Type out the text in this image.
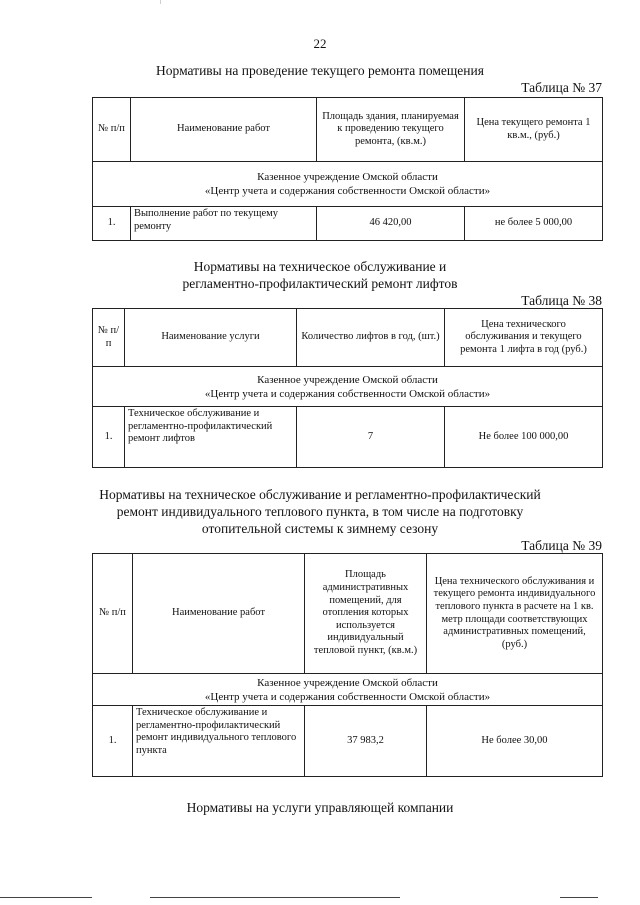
22
Нормативы на проведение текущего ремонта помещения
Таблица № 37
№ п/п	Наименование работ	Площадь здания, планируемая к проведению текущего ремонта, (кв.м.)	Цена текущего ремонта 1 кв.м., (руб.)

Казенное учреждение Омской области
«Центр учета и содержания собственности Омской области»			

1.	Выполнение работ по текущему ремонту	46 420,00	не более 5 000,00
Нормативы на техническое обслуживание и
регламентно-профилактический ремонт лифтов
Таблица № 38
№ п/п	Наименование услуги	Количество лифтов в год, (шт.)	Цена технического обслуживания и текущего ремонта 1 лифта в год (руб.)

Казенное учреждение Омской области
«Центр учета и содержания собственности Омской области»			

1.	Техническое обслуживание и регламентно-профилактический ремонт лифтов	7	Не более 100 000,00
Нормативы на техническое обслуживание и регламентно-профилактический
ремонт индивидуального теплового пункта, в том числе на подготовку
отопительной системы к зимнему сезону
Таблица № 39
№ п/п	Наименование работ	Площадь административных помещений, для отопления которых используется индивидуальный тепловой пункт, (кв.м.)	Цена технического обслуживания и текущего ремонта индивидуального теплового пункта в расчете на 1 кв. метр площади соответствующих административных помещений, (руб.)

Казенное учреждение Омской области
«Центр учета и содержания собственности Омской области»			

1.	Техническое обслуживание и регламентно-профилактический ремонт индивидуального теплового пункта	37 983,2	Не более 30,00
Нормативы на услуги управляющей компании
